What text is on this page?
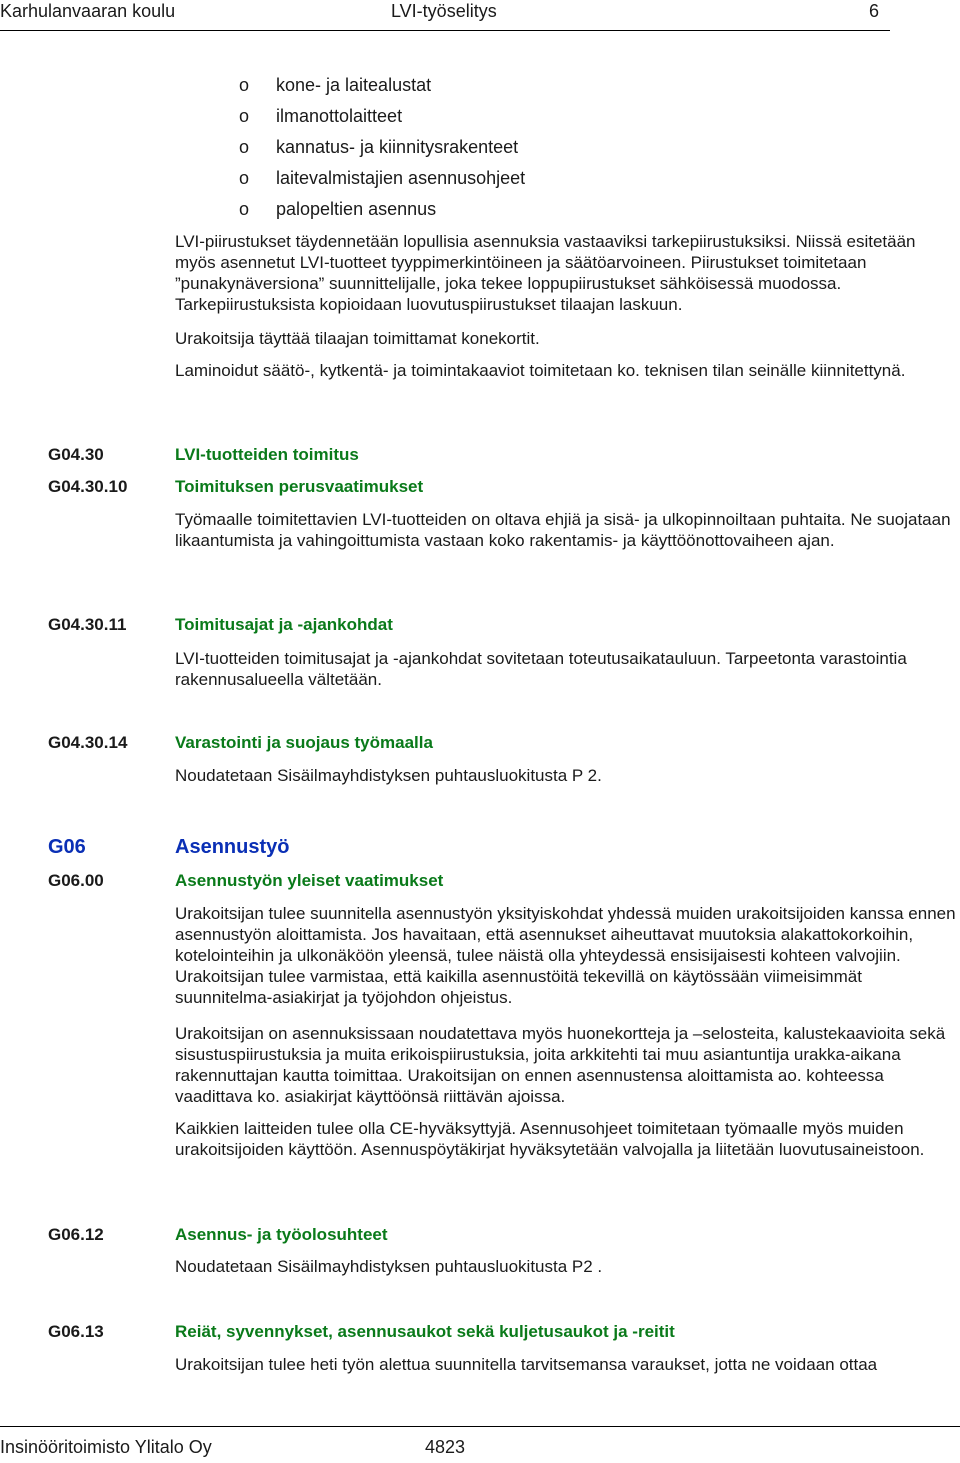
Karhulanvaaran koulu	LVI-työselitys	6
o kone- ja laitealustat
o ilmanottolaitteet
o kannatus- ja kiinnitysrakenteet
o laitevalmistajien asennusohjeet
o palopeltien asennus

LVI-piirustukset täydennetään lopullisia asennuksia vastaaviksi tarkepiirustuksiksi. Niissä esitetään myös asennetut LVI-tuotteet tyyppimerkintöineen ja säätöarvoineen. Piirustukset toimitetaan ”punakynäversiona” suunnittelijalle, joka tekee loppupiirustukset sähköisessä muodossa. Tarkepiirustuksista kopioidaan luovutuspiirustukset tilaajan laskuun.

Urakoitsija täyttää tilaajan toimittamat konekortit.

Laminoidut säätö-, kytkentä- ja toimintakaaviot toimitetaan ko. teknisen tilan seinälle kiinnitettynä.

G04.30	LVI-tuotteiden toimitus
G04.30.10	Toimituksen perusvaatimukset

Työmaalle toimitettavien LVI-tuotteiden on oltava ehjiä ja sisä- ja ulkopinnoiltaan puhtaita. Ne suojataan likaantumista ja vahingoittumista vastaan koko rakentamis- ja käyttöönottovaiheen ajan.

G04.30.11	Toimitusajat ja -ajankohdat

LVI-tuotteiden toimitusajat ja -ajankohdat sovitetaan toteutusaikatauluun. Tarpeetonta varastointia rakennusalueella vältetään.

G04.30.14	Varastointi ja suojaus työmaalla

Noudatetaan Sisäilmayhdistyksen puhtausluokitusta P 2.

G06	Asennustyö
G06.00	Asennustyön yleiset vaatimukset

Urakoitsijan tulee suunnitella asennustyön yksityiskohdat yhdessä muiden urakoitsijoiden kanssa ennen asennustyön aloittamista. Jos havaitaan, että asennukset aiheuttavat muutoksia alakattokorkoihin, kotelointeihin ja ulkonäköön yleensä, tulee näistä olla yhteydessä ensisijaisesti kohteen valvojiin. Urakoitsijan tulee varmistaa, että kaikilla asennustöitä tekevillä on käytössään viimeisimmät suunnitelma-asiakirjat ja työjohdon ohjeistus.

Urakoitsijan on asennuksissaan noudatettava myös huonekortteja ja –selosteita, kalustekaavioita sekä sisustuspiirustuksia ja muita erikoispiirustuksia, joita arkkitehti tai muu asiantuntija urakka-aikana rakennuttajan kautta toimittaa. Urakoitsijan on ennen asennustensa aloittamista ao. kohteessa vaadittava ko. asiakirjat käyttöönsä riittävän ajoissa.

Kaikkien laitteiden tulee olla CE-hyväksyttyjä. Asennusohjeet toimitetaan työmaalle myös muiden urakoitsijoiden käyttöön. Asennuspöytäkirjat hyväksytetään valvojalla ja liitetään luovutusaineistoon.

G06.12	Asennus- ja työolosuhteet

Noudatetaan Sisäilmayhdistyksen puhtausluokitusta P2 .

G06.13	Reiät, syvennykset, asennusaukot sekä kuljetusaukot ja -reitit

Urakoitsijan tulee heti työn alettua suunnitella tarvitsemansa varaukset, jotta ne voidaan ottaa

Insinööritoimisto Ylitalo Oy	4823
